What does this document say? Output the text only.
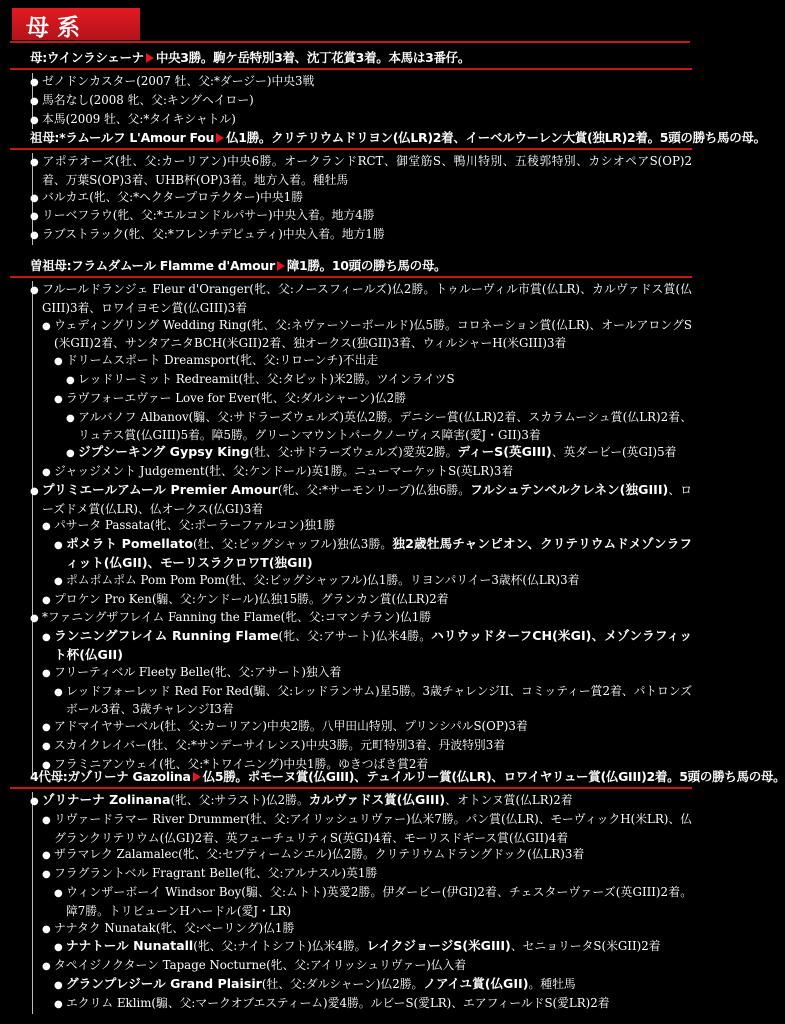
母系
母:ウインラシェーナ 中央3勝。駒ケ岳特別3着、沈丁花賞3着。本馬は3番仔。
● ゼノドンカスター(2007 牡、父:*ダージー)中央3戦
● 馬名なし(2008 牝、父:キングヘイロー)
● 本馬(2009 牡、父:*タイキシャトル)
祖母:*ラムールフ L'Amour Fou 仏1勝。クリテリウムドリヨン(仏LR)2着、イーベルウーレン大賞(独LR)2着。5頭の勝ち馬の母。
● アポテオーズ(牡、父:カーリアン)中央6勝。オークランドRCT、御堂筋S、鴨川特別、五稜郭特別、カシオペアS(OP)2着、万葉S(OP)3着、UHB杯(OP)3着。地方入着。種牡馬
● バルカエ(牝、父:*ヘクタープロテクター)中央1勝
● リーベフラウ(牝、父:*エルコンドルパサー)中央入着。地方4勝
● ラブストラック(牝、父:*フレンチデピュティ)中央入着。地方1勝
曽祖母:フラムダムール Flamme d'Amour 障1勝。10頭の勝ち馬の母。
● フルールドランジェ Fleur d'Oranger(牝、父:ノースフィールズ)仏2勝。トゥルーヴィル市賞(仏LR)、カルヴァドス賞(仏GIII)3着、ロワイヨモン賞(仏GIII)3着
● ウェディングリング Wedding Ring(牝、父:ネヴァーソーボールド)仏5勝。コロネーション賞(仏LR)、オールアロングS(米GII)2着、サンタアニタBCH(米GII)2着、独オークス(独GII)3着、ウィルシャーH(米GIII)3着
● ドリームスポート Dreamsport(牝、父:リローンチ)不出走
● レッドリーミット Redreamit(牡、父:タピット)米2勝。ツインライツS
● ラヴフォーエヴァー Love for Ever(牝、父:ダルシャーン)仏2勝
● アルバノフ Albanov(騸、父:サドラーズウェルズ)英仏2勝。デニシー賞(仏LR)2着、スカラムーシュ賞(仏LR)2着、リュテス賞(仏GIII)5着。障5勝。グリーンマウントパークノーヴィス障害(愛J・GII)3着
● ジプシーキング Gypsy King(牡、父:サドラーズウェルズ)愛英2勝。ディーS(英GIII)、英ダービー(英GI)5着
● ジャッジメント Judgement(牡、父:ケンドール)英1勝。ニューマーケットS(英LR)3着
● プリミエールアムール Premier Amour(牝、父:*サーモンリープ)仏独6勝。フルシュテンベルクレネン(独GIII)、ローズドメ賞(仏LR)、仏オークス(仏GI)3着
● パサータ Passata(牝、父:ポーラーファルコン)独1勝
● ポメラト Pomellato(牡、父:ビッグシャッフル)独仏3勝。独2歳牡馬チャンピオン、クリテリウムドメゾンラフィット(仏GII)、モーリスラクロワT(独GII)
● ポムポムポム Pom Pom Pom(牡、父:ビッグシャッフル)仏1勝。リヨンパリイー3歳杯(仏LR)3着
● プロケン Pro Ken(騸、父:ケンドール)仏独15勝。グランカン賞(仏LR)2着
● *ファニングザフレイム Fanning the Flame(牝、父:コマンチラン)仏1勝
● ランニングフレイム Running Flame(牝、父:アサート)仏米4勝。ハリウッドターフCH(米GI)、メゾンラフィット杯(仏GII)
● フリーティベル Fleety Belle(牝、父:アサート)独入着
● レッドフォーレッド Red For Red(騸、父:レッドランサム)星5勝。3歳チャレンジII、コミッティー賞2着、パトロンズボール3着、3歳チャレンジI3着
● アドマイヤサーベル(牡、父:カーリアン)中央2勝。八甲田山特別、プリンシパルS(OP)3着
● スカイクレイバー(牡、父:*サンデーサイレンス)中央3勝。元町特別3着、丹波特別3着
● フラミニアンウェイ(牝、父:*トワイニング)中央1勝。ゆきつばき賞2着
4代母:ガゾリーナ Gazolina 仏5勝。ポモーヌ賞(仏GIII)、テュイルリー賞(仏LR)、ロワイヤリュー賞(仏GIII)2着。5頭の勝ち馬の母。
● ゾリナーナ Zolinana(牝、父:サラスト)仏2勝。カルヴァドス賞(仏GIII)、オトンヌ賞(仏LR)2着
● リヴァードラマー River Drummer(牡、父:アイリッシュリヴァー)仏米7勝。パン賞(仏LR)、モーヴィックH(米LR)、仏グランクリテリウム(仏GI)2着、英フューチュリティS(英GI)4着、モーリスドギース賞(仏GII)4着
● ザラマレク Zalamalec(牝、父:セプティームシエル)仏2勝。クリテリウムドラングドック(仏LR)3着
● フラグラントベル Fragrant Belle(牝、父:アルナスル)英1勝
● ウィンザーボーイ Windsor Boy(騸、父:ムトト)英愛2勝。伊ダービー(伊GI)2着、チェスターヴァーズ(英GIII)2着。障7勝。トリビューンHハードル(愛J・LR)
● ナナタク Nunatak(牝、父:ベーリング)仏1勝
● ナナトール Nunatall(牝、父:ナイトシフト)仏米4勝。レイクジョージS(米GIII)、セニョリータS(米GII)2着
● タペイジノクターン Tapage Nocturne(牝、父:アイリッシュリヴァー)仏入着
● グランプレジール Grand Plaisir(牡、父:ダルシャーン)仏2勝。ノアイユ賞(仏GII)。種牡馬
● エクリム Eklim(騸、父:マークオブエスティーム)愛4勝。ルビーS(愛LR)、エアフィールドS(愛LR)2着
